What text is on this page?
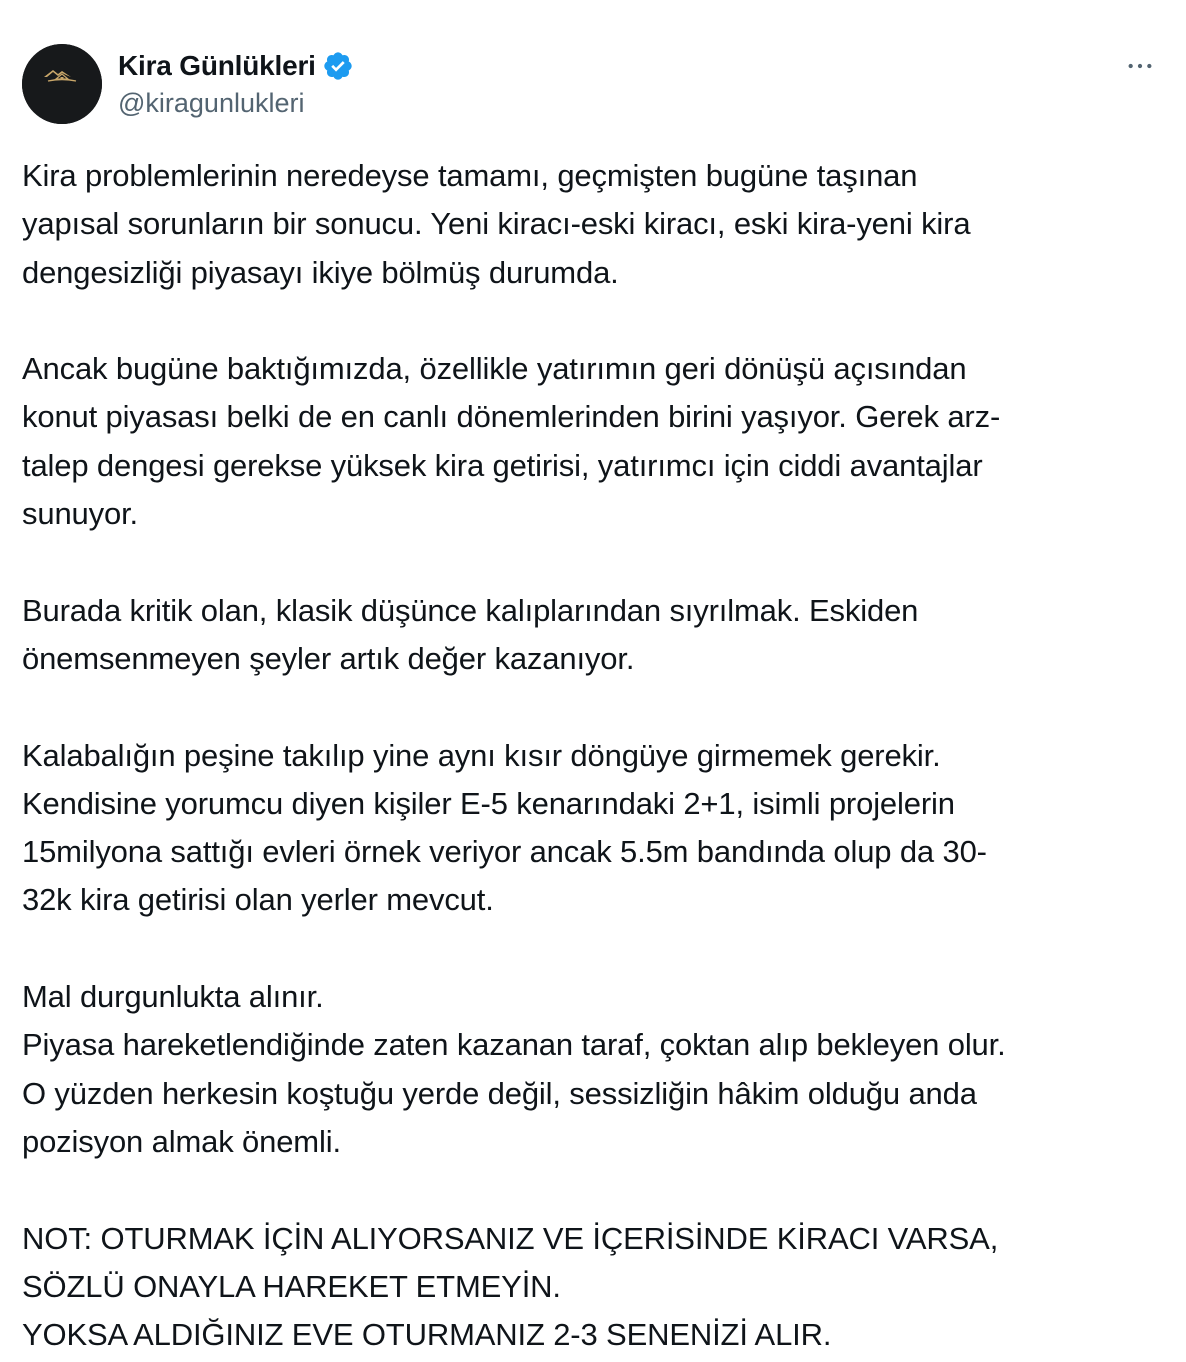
Kira Günlükleri
@kiragunlukleri
Kira problemlerinin neredeyse tamamı, geçmişten bugüne taşınan
yapısal sorunların bir sonucu. Yeni kiracı-eski kiracı, eski kira-yeni kira
dengesizliği piyasayı ikiye bölmüş durumda.
Ancak bugüne baktığımızda, özellikle yatırımın geri dönüşü açısından
konut piyasası belki de en canlı dönemlerinden birini yaşıyor. Gerek arz-
talep dengesi gerekse yüksek kira getirisi, yatırımcı için ciddi avantajlar
sunuyor.
Burada kritik olan, klasik düşünce kalıplarından sıyrılmak. Eskiden
önemsenmeyen şeyler artık değer kazanıyor.
Kalabalığın peşine takılıp yine aynı kısır döngüye girmemek gerekir.
Kendisine yorumcu diyen kişiler E-5 kenarındaki 2+1, isimli projelerin
15milyona sattığı evleri örnek veriyor ancak 5.5m bandında olup da 30-
32k kira getirisi olan yerler mevcut.
Mal durgunlukta alınır.
Piyasa hareketlendiğinde zaten kazanan taraf, çoktan alıp bekleyen olur.
O yüzden herkesin koştuğu yerde değil, sessizliğin hâkim olduğu anda
pozisyon almak önemli.
NOT: OTURMAK İÇİN ALIYORSANIZ VE İÇERİSİNDE KİRACI VARSA,
SÖZLÜ ONAYLA HAREKET ETMEYİN.
YOKSA ALDIĞINIZ EVE OTURMANIZ 2-3 SENENİZİ ALIR.
